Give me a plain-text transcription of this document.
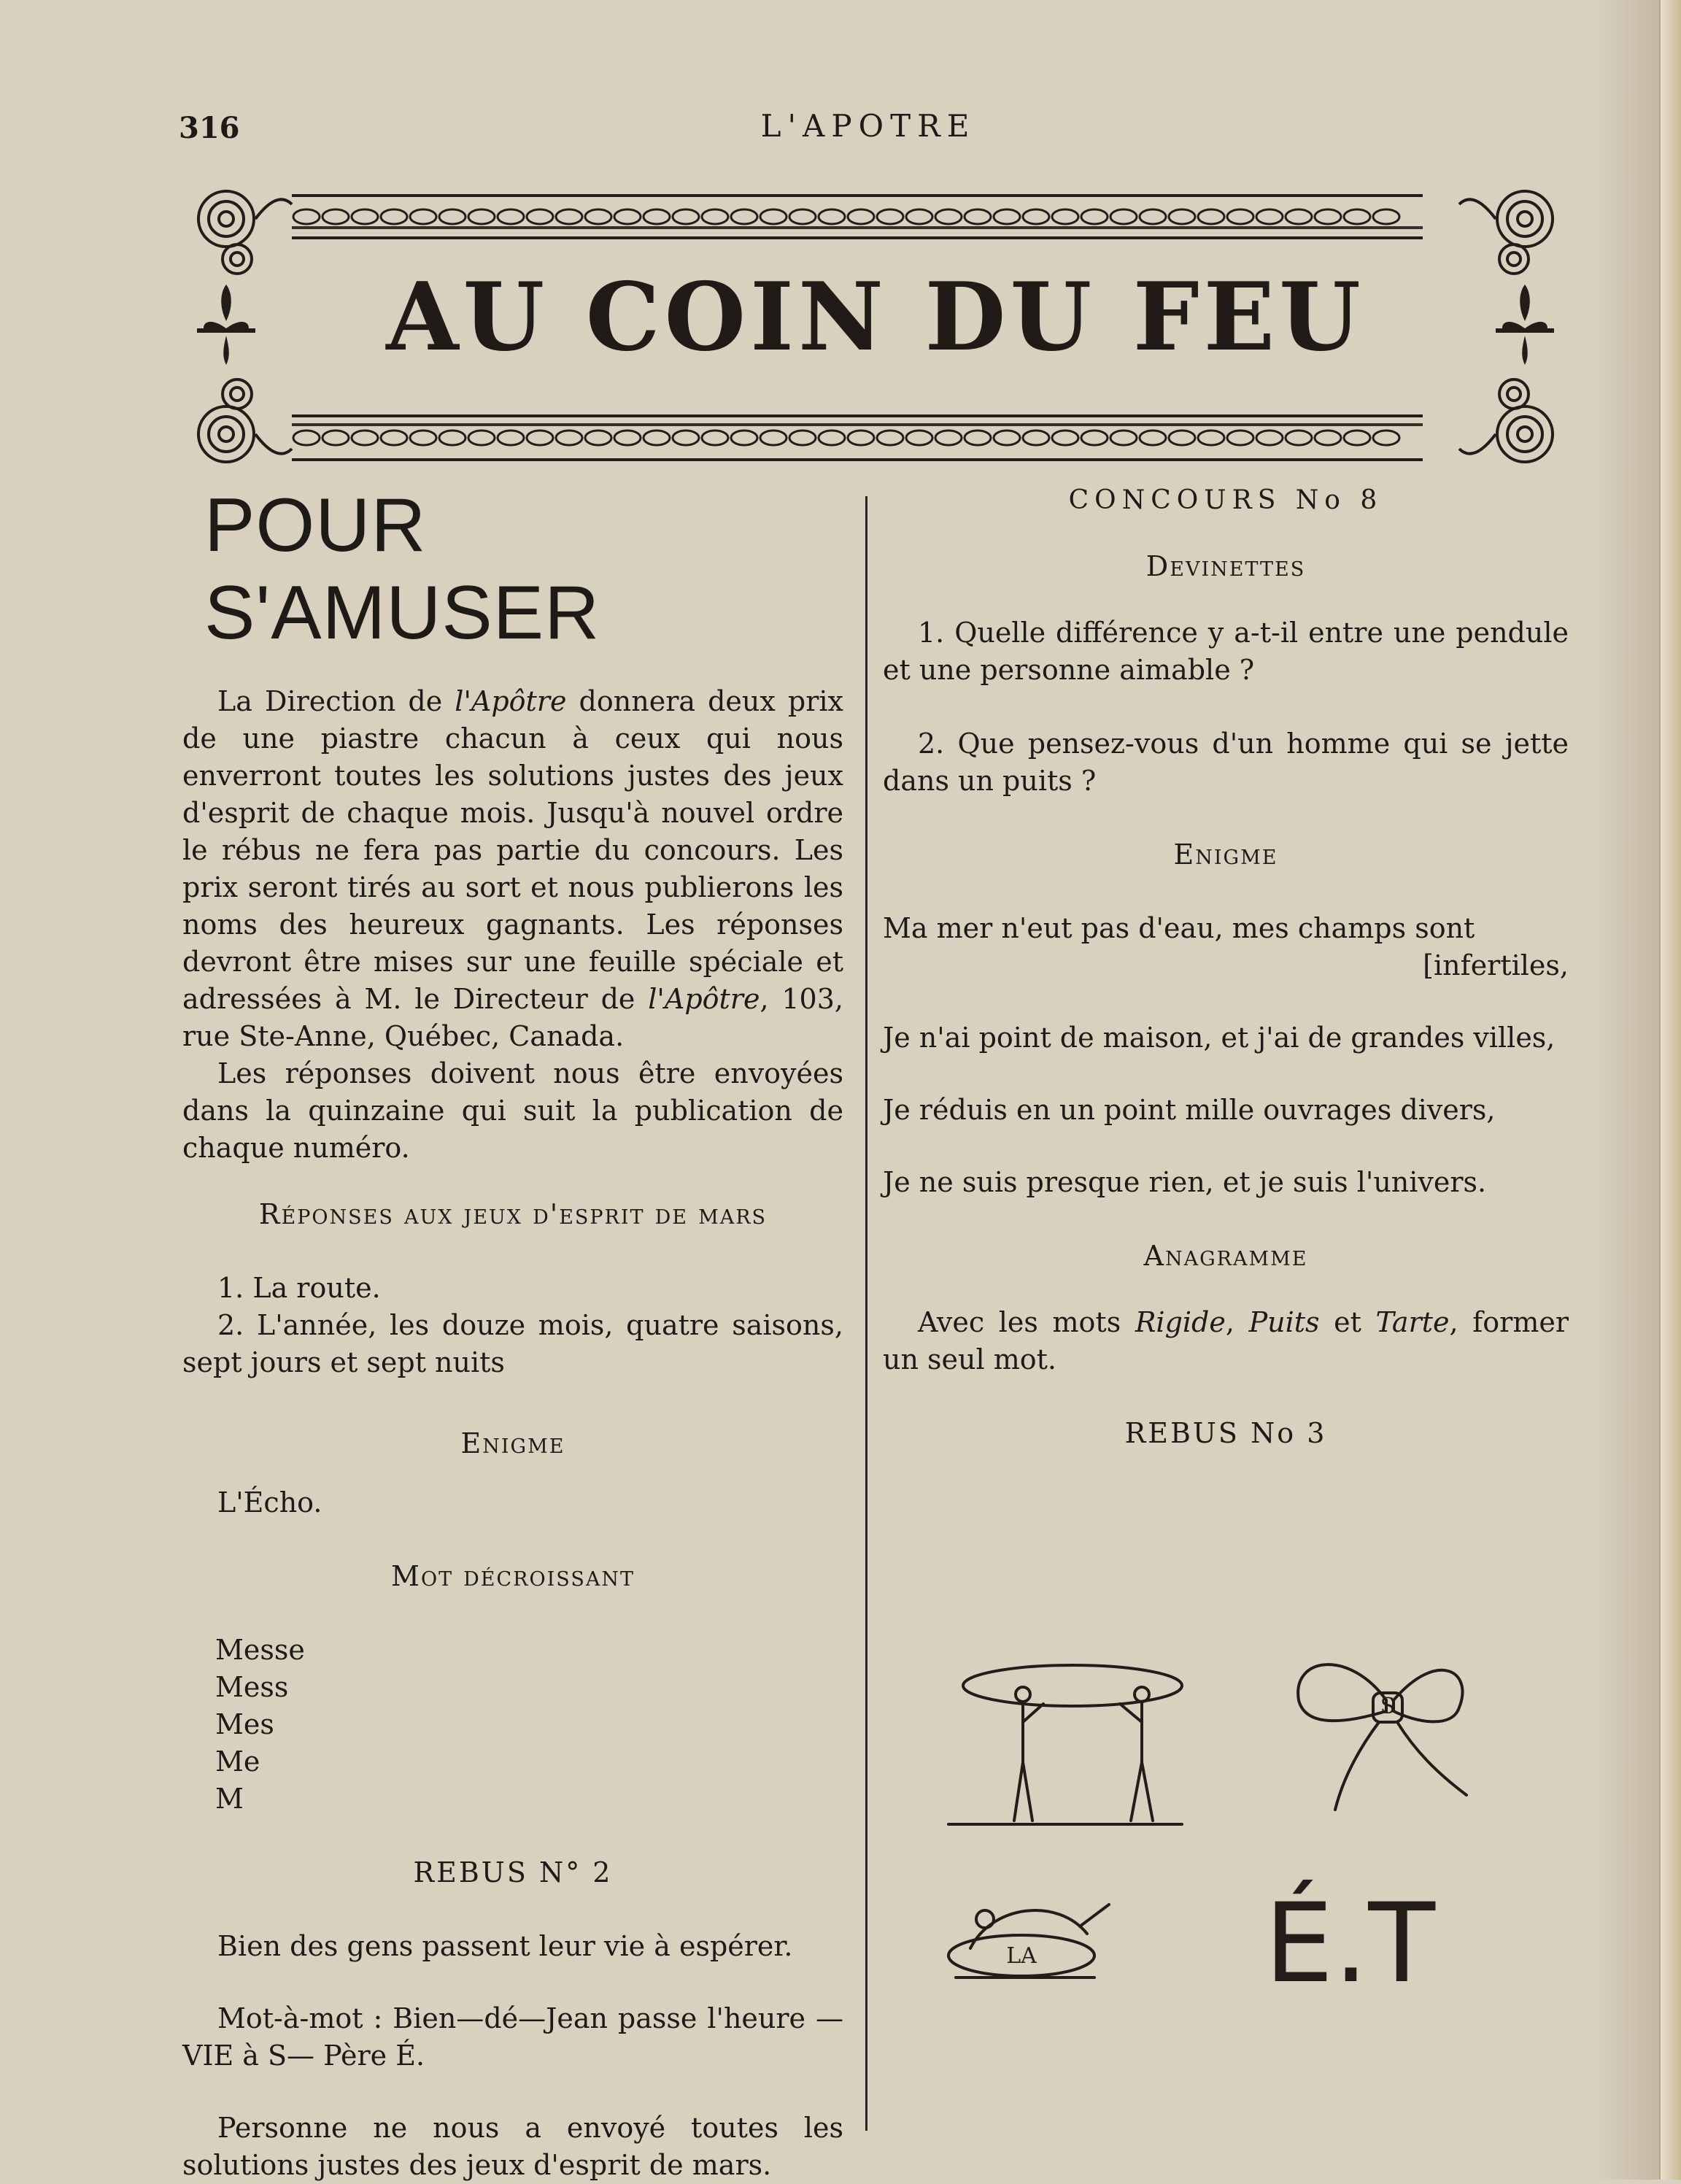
316	L'APOTRE
AU COIN DU FEU
POUR S'AMUSER

La Direction de l'Apôtre donnera deux prix de une piastre chacun à ceux qui nous enverront toutes les solutions justes des jeux d'esprit de chaque mois. Jusqu'à nouvel ordre le rébus ne fera pas partie du concours. Les prix seront tirés au sort et nous publierons les noms des heureux gagnants. Les réponses devront être mises sur une feuille spéciale et adressées à M. le Directeur de l'Apôtre, 103, rue Ste-Anne, Québec, Canada.

Les réponses doivent nous être envoyées dans la quinzaine qui suit la publication de chaque numéro.

Réponses aux jeux d'esprit de mars

1. La route.

2. L'année, les douze mois, quatre saisons, sept jours et sept nuits

Enigme

L'Écho.

Mot décroissant

Messe
Mess
Mes
Me
M

REBUS N° 2

Bien des gens passent leur vie à espérer.

Mot-à-mot : Bien—dé—Jean passe l'heure —VIE à S— Père É.

Personne ne nous a envoyé toutes les solutions justes des jeux d'esprit de mars.

CONCOURS No 8

Devinettes

1. Quelle différence y a-t-il entre une pendule et une personne aimable ?

2. Que pensez-vous d'un homme qui se jette dans un puits ?

Enigme

Ma mer n'eut pas d'eau, mes champs sont

[infertiles,

Je n'ai point de maison, et j'ai de grandes villes,

Je réduis en un point mille ouvrages divers,

Je ne suis presque rien, et je suis l'univers.

Anagramme

Avec les mots Rigide, Puits et Tarte, former un seul mot.

REBUS No 3

S
LA É.T
